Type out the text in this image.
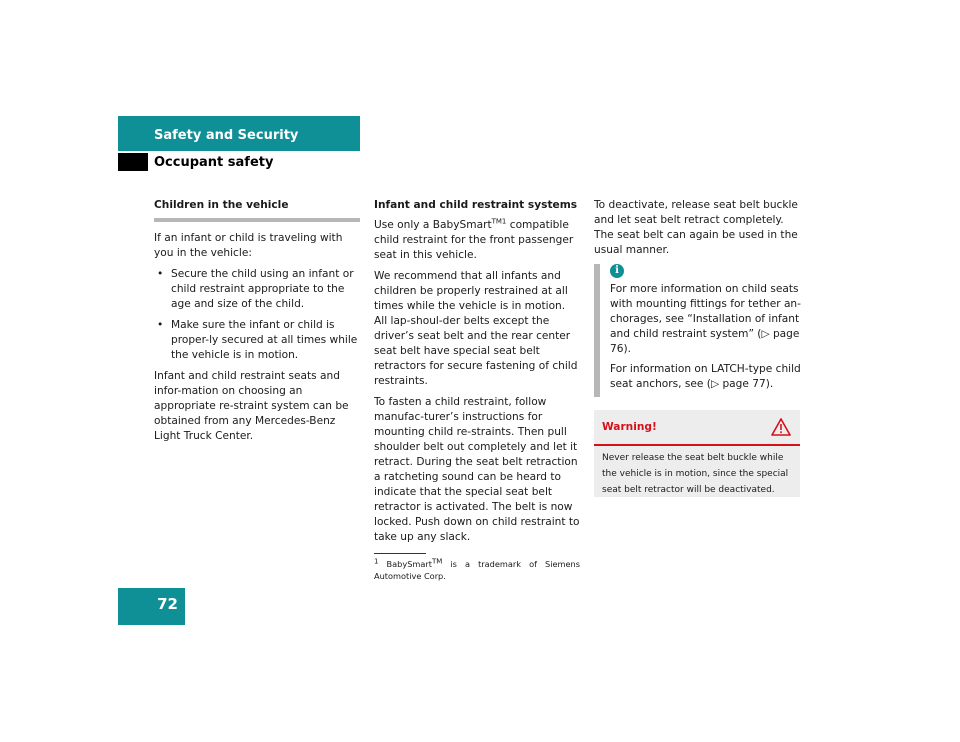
Safety and Security
Occupant safety
Children in the vehicle

If an infant or child is traveling with you in the vehicle:

• Secure the child using an infant or child restraint appropriate to the age and size of the child.
• Make sure the infant or child is proper-ly secured at all times while the vehicle is in motion.

Infant and child restraint seats and infor-mation on choosing an appropriate re-straint system can be obtained from any Mercedes-Benz Light Truck Center.

Infant and child restraint systems

Use only a BabySmart$^{TM1}$ compatible child restraint for the front passenger seat in this vehicle.

We recommend that all infants and children be properly restrained at all times while the vehicle is in motion. All lap-shoul-der belts except the driver’s seat belt and the rear center seat belt have special seat belt retractors for secure fastening of child restraints.

To fasten a child restraint, follow manufac-turer’s instructions for mounting child re-straints. Then pull shoulder belt out completely and let it retract. During the seat belt retraction a ratcheting sound can be heard to indicate that the special seat belt retractor is activated. The belt is now locked. Push down on child restraint to take up any slack.

$^1$ BabySmart™ is a trademark of Siemens Automotive Corp.

To deactivate, release seat belt buckle and let seat belt retract completely. The seat belt can again be used in the usual manner.

i

For more information on child seats with mounting fittings for tether an-chorages, see “Installation of infant and child restraint system” (▷ page 76).

For information on LATCH-type child seat anchors, see (▷ page 77).

Warning!
Never release the seat belt buckle while the vehicle is in motion, since the special seat belt retractor will be deactivated.
72
